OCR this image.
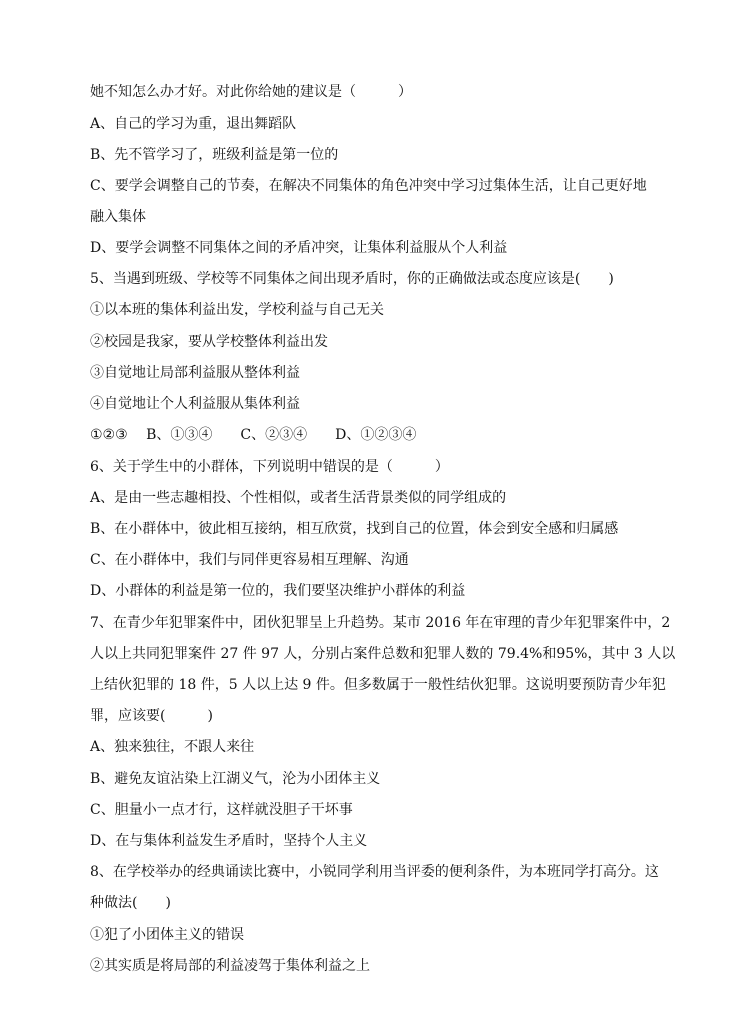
她不知怎么办才好。对此你给她的建议是（　　　）
A、自己的学习为重，退出舞蹈队
B、先不管学习了，班级利益是第一位的
C、要学会调整自己的节奏，在解决不同集体的角色冲突中学习过集体生活，让自己更好地
融入集体
D、要学会调整不同集体之间的矛盾冲突，让集体利益服从个人利益
5、当遇到班级、学校等不同集体之间出现矛盾时，你的正确做法或态度应该是(　　)
①以本班的集体利益出发，学校利益与自己无关
②校园是我家，要从学校整体利益出发
③自觉地让局部利益服从整体利益
④自觉地让个人利益服从集体利益
①②③　 B、①③④　　C、②③④　　D、①②③④
6、关于学生中的小群体，下列说明中错误的是（　　　）
A、是由一些志趣相投、个性相似，或者生活背景类似的同学组成的
B、在小群体中，彼此相互接纳，相互欣赏，找到自己的位置，体会到安全感和归属感
C、在小群体中，我们与同伴更容易相互理解、沟通
D、小群体的利益是第一位的，我们要坚决维护小群体的利益
7、在青少年犯罪案件中，团伙犯罪呈上升趋势。某市 2016 年在审理的青少年犯罪案件中，2
人以上共同犯罪案件 27 件 97 人，分别占案件总数和犯罪人数的 79.4%和95%，其中 3 人以
上结伙犯罪的 18 件，5 人以上达 9 件。但多数属于一般性结伙犯罪。这说明要预防青少年犯
罪，应该要(　　　)
A、独来独往，不跟人来往
B、避免友谊沾染上江湖义气，沦为小团体主义
C、胆量小一点才行，这样就没胆子干坏事
D、在与集体利益发生矛盾时，坚持个人主义
8、在学校举办的经典诵读比赛中，小锐同学利用当评委的便利条件，为本班同学打高分。这
种做法(　　)
①犯了小团体主义的错误
②其实质是将局部的利益凌驾于集体利益之上
